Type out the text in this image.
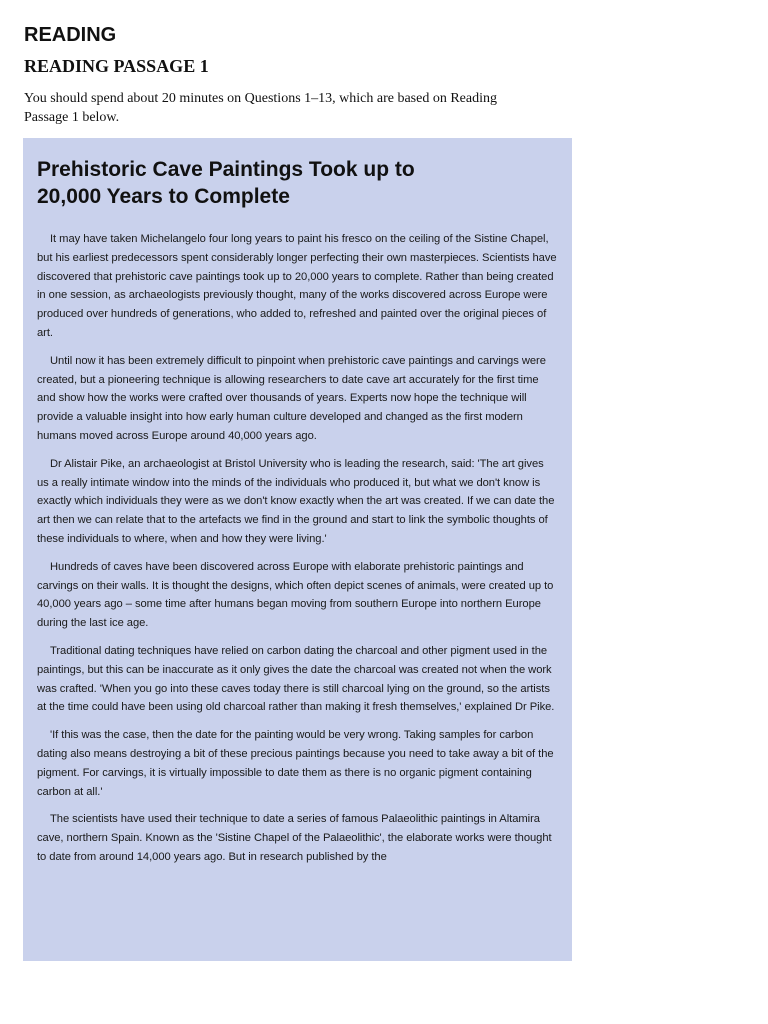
READING
READING PASSAGE 1

You should spend about 20 minutes on Questions 1–13, which are based on Reading Passage 1 below.

Prehistoric Cave Paintings Took up to 20,000 Years to Complete

It may have taken Michelangelo four long years to paint his fresco on the ceiling of the Sistine Chapel, but his earliest predecessors spent considerably longer perfecting their own masterpieces. Scientists have discovered that prehistoric cave paintings took up to 20,000 years to complete. Rather than being created in one session, as archaeologists previously thought, many of the works discovered across Europe were produced over hundreds of generations, who added to, refreshed and painted over the original pieces of art.

Until now it has been extremely difficult to pinpoint when prehistoric cave paintings and carvings were created, but a pioneering technique is allowing researchers to date cave art accurately for the first time and show how the works were crafted over thousands of years. Experts now hope the technique will provide a valuable insight into how early human culture developed and changed as the first modern humans moved across Europe around 40,000 years ago.

Dr Alistair Pike, an archaeologist at Bristol University who is leading the research, said: 'The art gives us a really intimate window into the minds of the individuals who produced it, but what we don't know is exactly which individuals they were as we don't know exactly when the art was created. If we can date the art then we can relate that to the artefacts we find in the ground and start to link the symbolic thoughts of these individuals to where, when and how they were living.'

Hundreds of caves have been discovered across Europe with elaborate prehistoric paintings and carvings on their walls. It is thought the designs, which often depict scenes of animals, were created up to 40,000 years ago – some time after humans began moving from southern Europe into northern Europe during the last ice age.

Traditional dating techniques have relied on carbon dating the charcoal and other pigment used in the paintings, but this can be inaccurate as it only gives the date the charcoal was created not when the work was crafted. 'When you go into these caves today there is still charcoal lying on the ground, so the artists at the time could have been using old charcoal rather than making it fresh themselves,' explained Dr Pike.

'If this was the case, then the date for the painting would be very wrong. Taking samples for carbon dating also means destroying a bit of these precious paintings because you need to take away a bit of the pigment. For carvings, it is virtually impossible to date them as there is no organic pigment containing carbon at all.'

The scientists have used their technique to date a series of famous Palaeolithic paintings in Altamira cave, northern Spain. Known as the 'Sistine Chapel of the Palaeolithic', the elaborate works were thought to date from around 14,000 years ago. But in research published by the
